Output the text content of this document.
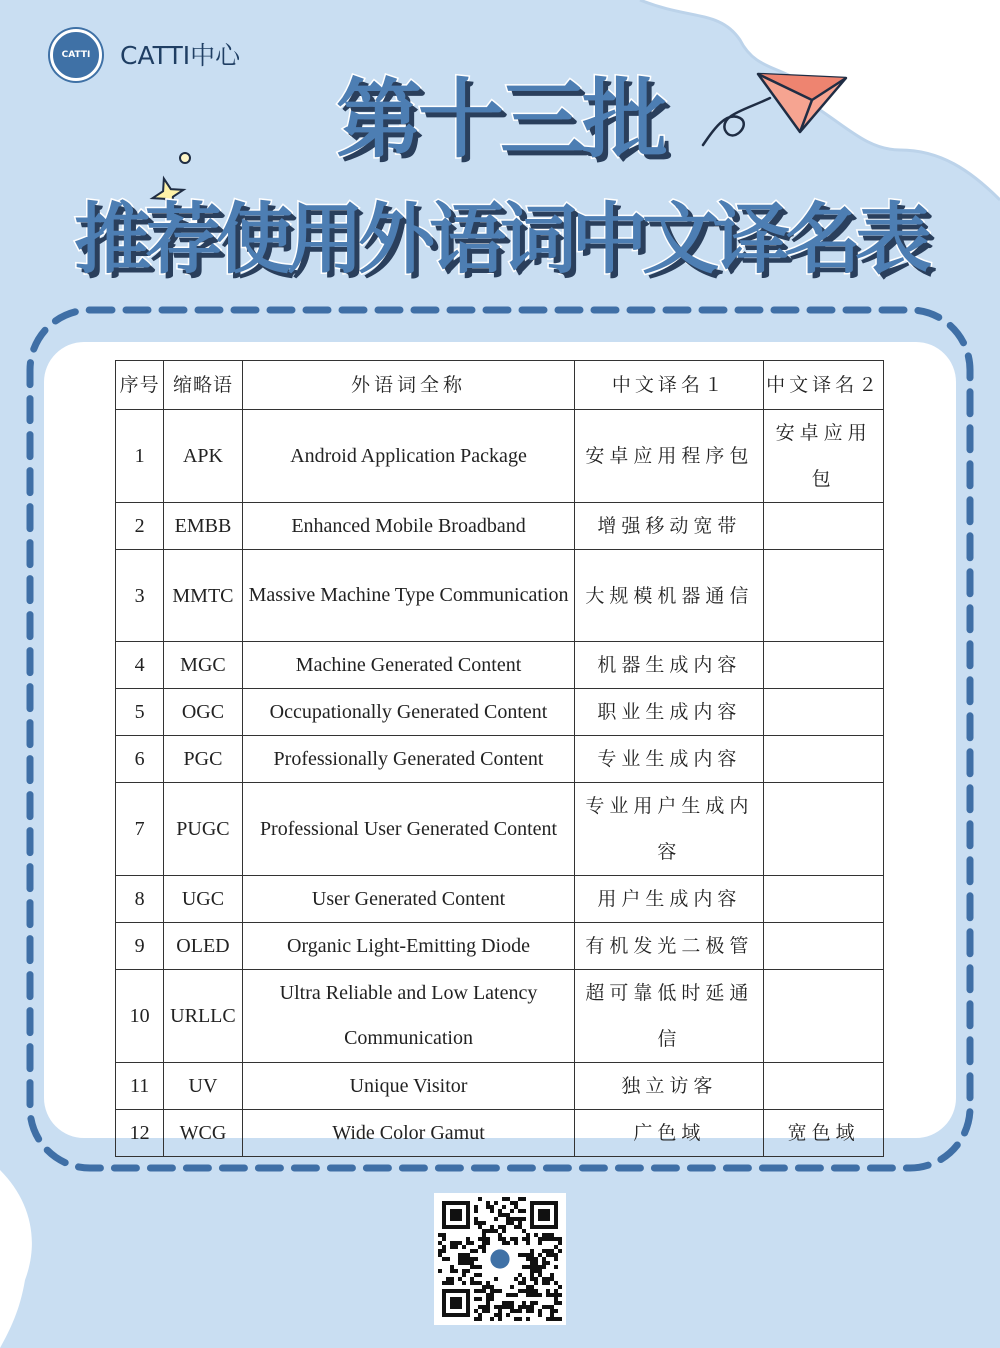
CATTI CATTI中心
第十三批
推荐使用外语词中文译名表
序号	缩略语	外语词全称	中文译名１	中文译名２
1	APK	Android Application Package	安卓应用程序包	安卓应用包
2	EMBB	Enhanced Mobile Broadband	增强移动宽带	
3	MMTC	Massive Machine Type Communication	大规模机器通信	
4	MGC	Machine Generated Content	机器生成内容	
5	OGC	Occupationally Generated Content	职业生成内容	
6	PGC	Professionally Generated Content	专业生成内容	
7	PUGC	Professional User Generated Content	专业用户生成内容	
8	UGC	User Generated Content	用户生成内容	
9	OLED	Organic Light-Emitting Diode	有机发光二极管	
10	URLLC	Ultra Reliable and Low Latency Communication	超可靠低时延通信	
11	UV	Unique Visitor	独立访客	
12	WCG	Wide Color Gamut	广色域	宽色域
